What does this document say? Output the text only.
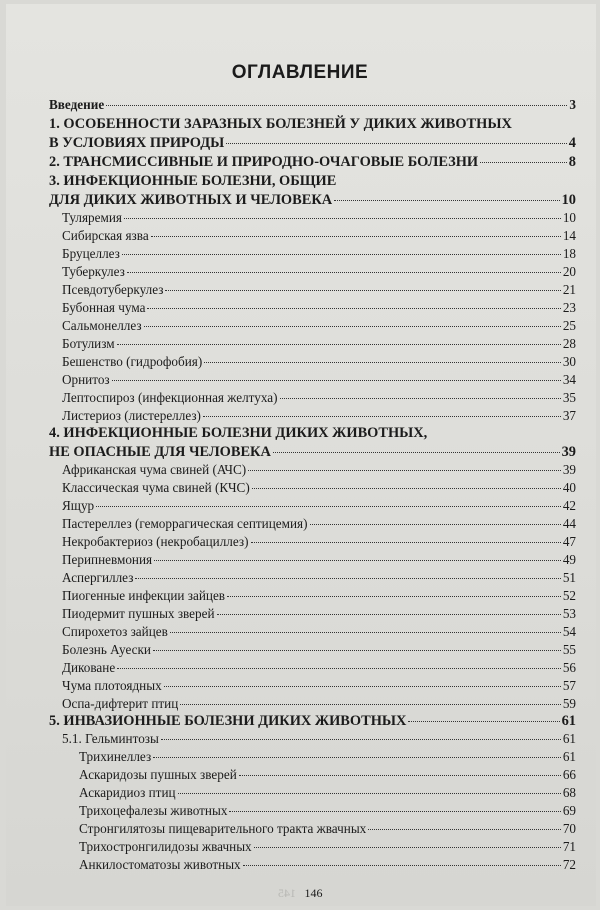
ОГЛАВЛЕНИЕ
Введение	3
1. ОСОБЕННОСТИ ЗАРАЗНЫХ БОЛЕЗНЕЙ У ДИКИХ ЖИВОТНЫХ
В УСЛОВИЯХ ПРИРОДЫ	4
2. ТРАНСМИССИВНЫЕ И ПРИРОДНО-ОЧАГОВЫЕ БОЛЕЗНИ	8
3. ИНФЕКЦИОННЫЕ БОЛЕЗНИ, ОБЩИЕ
ДЛЯ ДИКИХ ЖИВОТНЫХ И ЧЕЛОВЕКА	10
Туляремия	10
Сибирская язва	14
Бруцеллез	18
Туберкулез	20
Псевдотуберкулез	21
Бубонная чума	23
Сальмонеллез	25
Ботулизм	28
Бешенство (гидрофобия)	30
Орнитоз	34
Лептоспироз (инфекционная желтуха)	35
Листериоз (листереллез)	37
4. ИНФЕКЦИОННЫЕ БОЛЕЗНИ ДИКИХ ЖИВОТНЫХ,
НЕ ОПАСНЫЕ ДЛЯ ЧЕЛОВЕКА	39
Африканская чума свиней (АЧС)	39
Классическая чума свиней (КЧС)	40
Ящур	42
Пастереллез (геморрагическая септицемия)	44
Некробактериоз (некробациллез)	47
Перипневмония	49
Аспергиллез	51
Пиогенные инфекции зайцев	52
Пиодермит пушных зверей	53
Спирохетоз зайцев	54
Болезнь Ауески	55
Диковане	56
Чума плотоядных	57
Оспа-дифтерит птиц	59
5. ИНВАЗИОННЫЕ БОЛЕЗНИ ДИКИХ ЖИВОТНЫХ	61
5.1. Гельминтозы	61
Трихинеллез	61
Аскаридозы пушных зверей	66
Аскаридиоз птиц	68
Трихоцефалезы животных	69
Стронгилятозы пищеварительного тракта жвачных	70
Трихостронгилидозы жвачных	71
Анкилостоматозы животных	72
145 146
